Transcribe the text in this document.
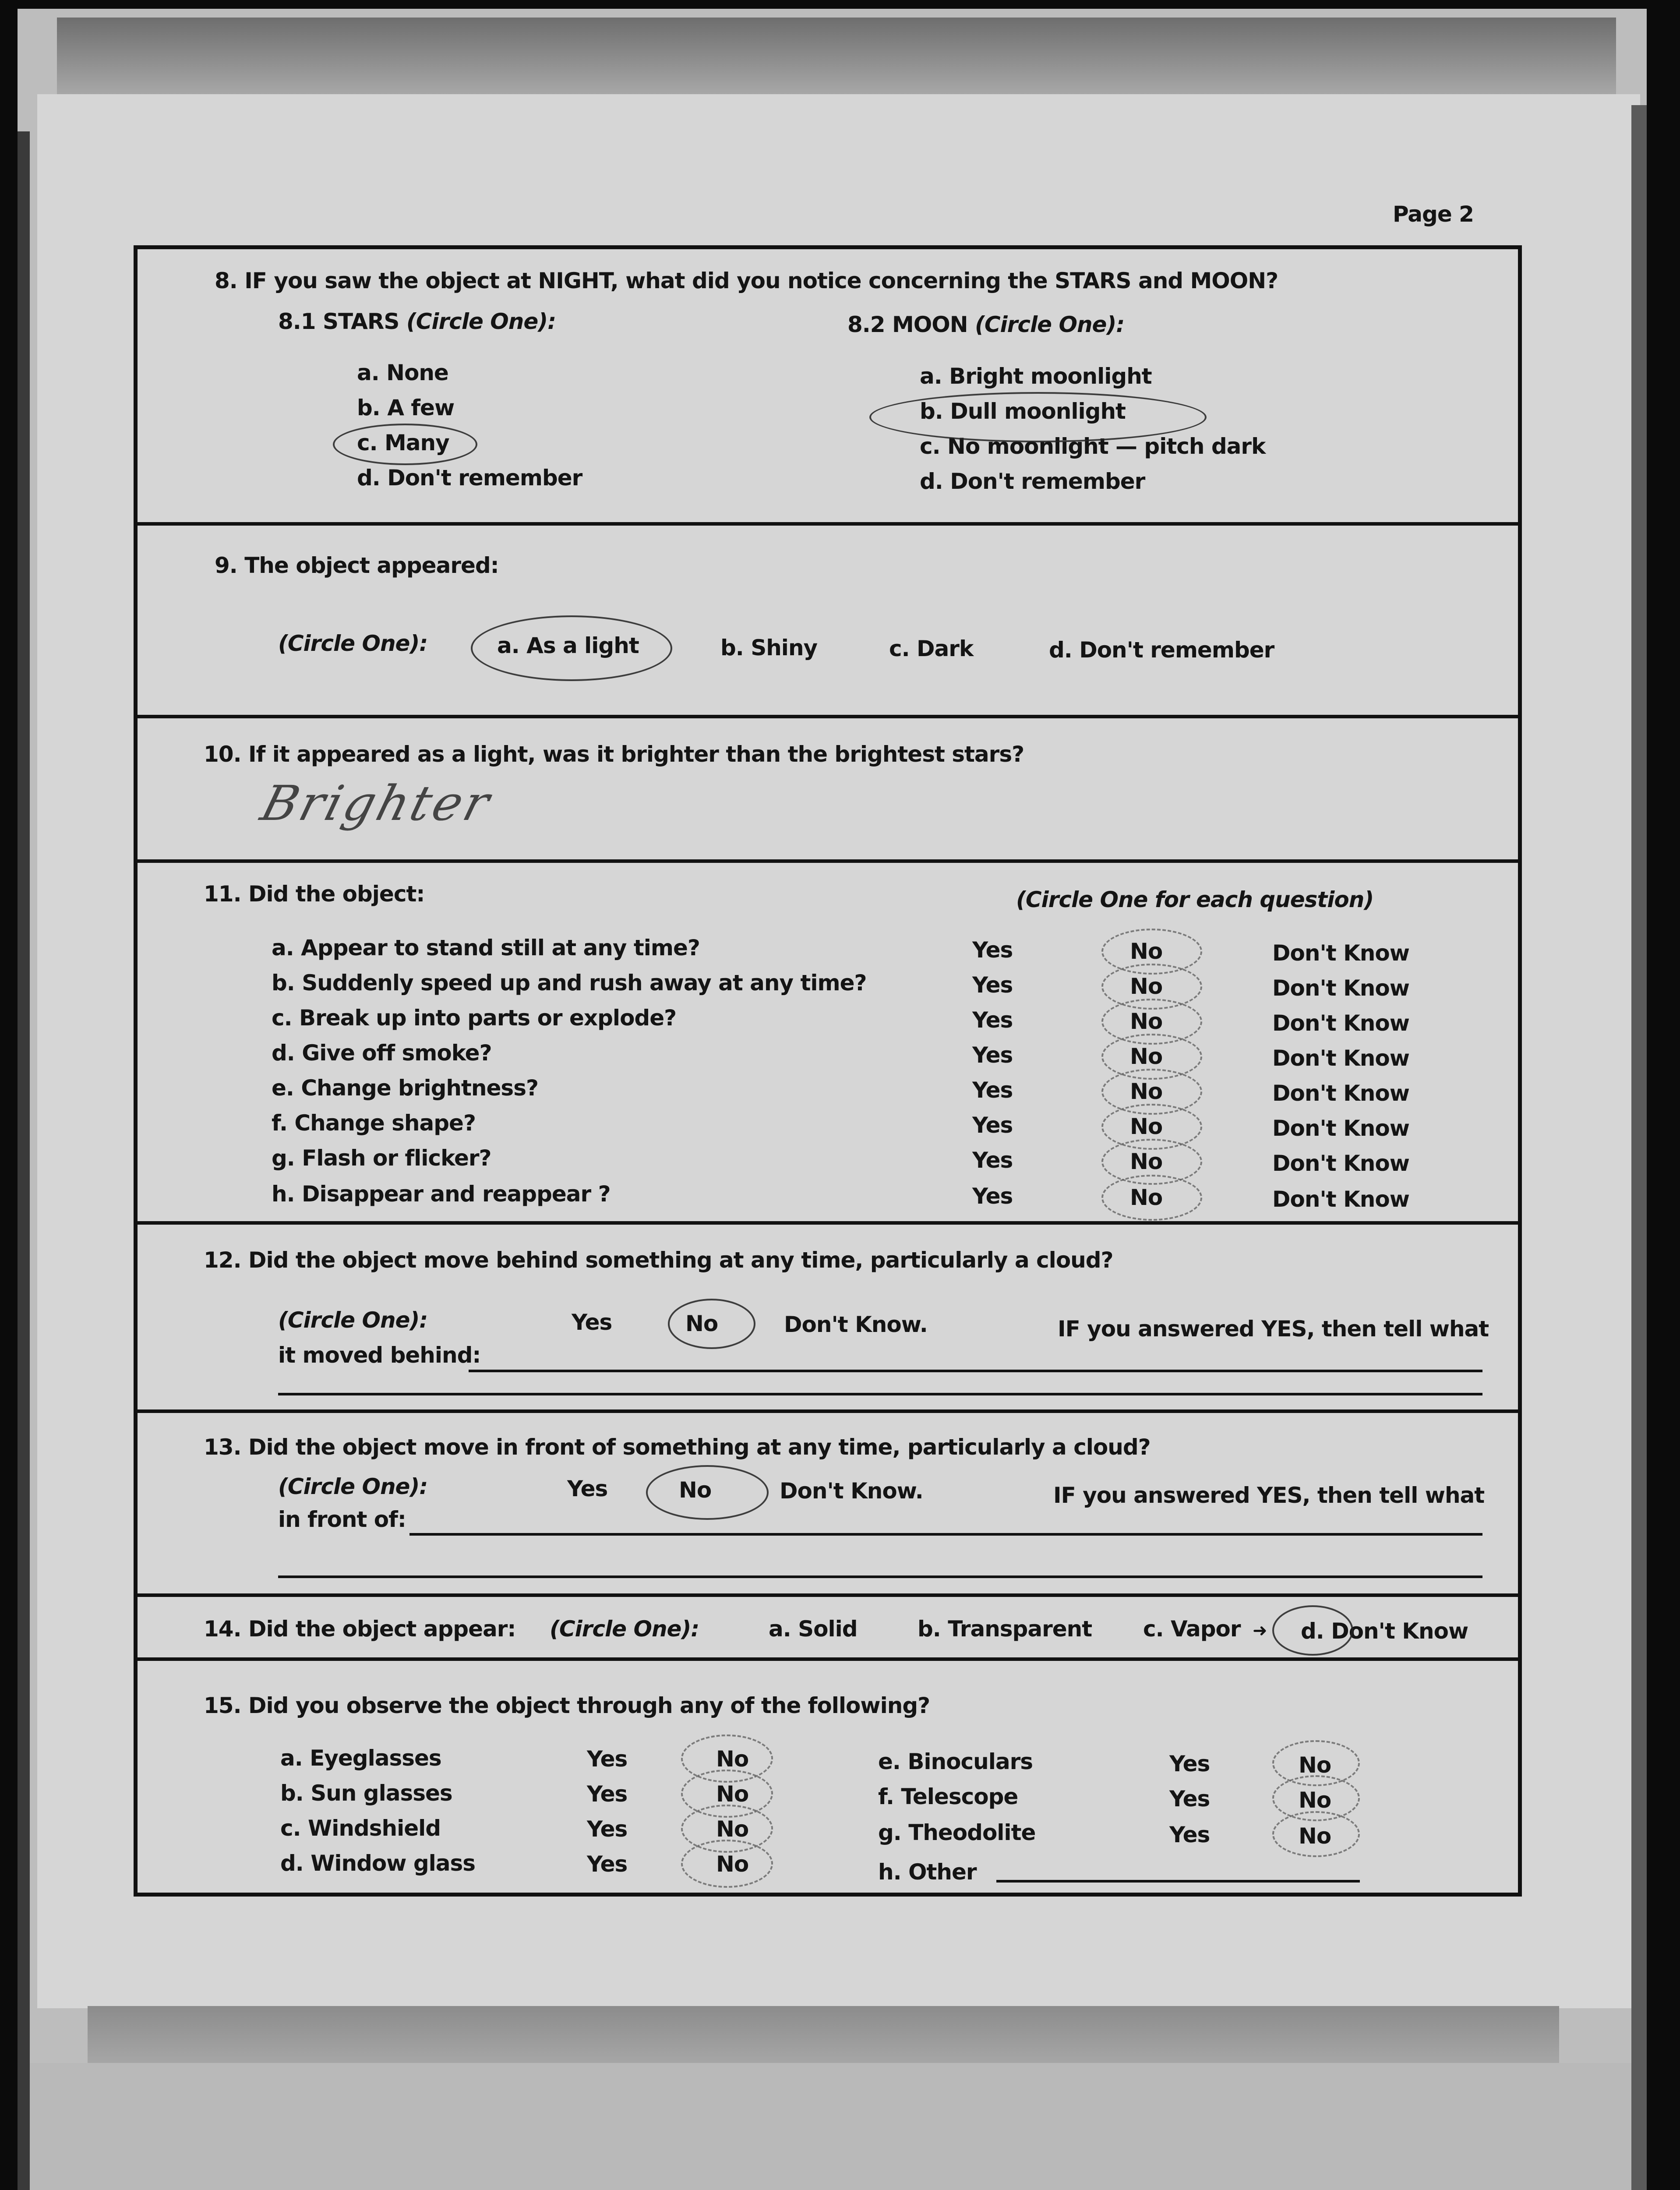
Page 2
8. IF you saw the object at NIGHT, what did you notice concerning the STARS and MOON?
8.1 STARS (Circle One):	8.2 MOON (Circle One):
a. None
b. A few
c. Many
d. Don't remember
a. Bright moonlight
b. Dull moonlight
c. No moonlight — pitch dark
d. Don't remember
9. The object appeared:
(Circle One):	a. As a light	b. Shiny	c. Dark	d. Don't remember
10. If it appeared as a light, was it brighter than the brightest stars?
Brighter
11. Did the object:	(Circle One for each question)
a. Appear to stand still at any time?	Yes	No	Don't Know
b. Suddenly speed up and rush away at any time?	Yes	No	Don't Know
c. Break up into parts or explode?	Yes	No	Don't Know
d. Give off smoke?	Yes	No	Don't Know
e. Change brightness?	Yes	No	Don't Know
f. Change shape?	Yes	No	Don't Know
g. Flash or flicker?	Yes	No	Don't Know
h. Disappear and reappear ?	Yes	No	Don't Know
12. Did the object move behind something at any time, particularly a cloud?
(Circle One):	Yes	No	Don't Know.	IF you answered YES, then tell what
it moved behind:
13. Did the object move in front of something at any time, particularly a cloud?
(Circle One):	Yes	No	Don't Know.	IF you answered YES, then tell what
in front of:
14. Did the object appear: (Circle One):	a. Solid	b. Transparent c. Vapor ➜ d. Don't Know
15. Did you observe the object through any of the following?
a. Eyeglasses	Yes	No
b. Sun glasses	Yes	No
c. Windshield	Yes	No
d. Window glass	Yes	No
e. Binoculars	Yes	No
f. Telescope	Yes	No
g. Theodolite	Yes	No
h. Other
